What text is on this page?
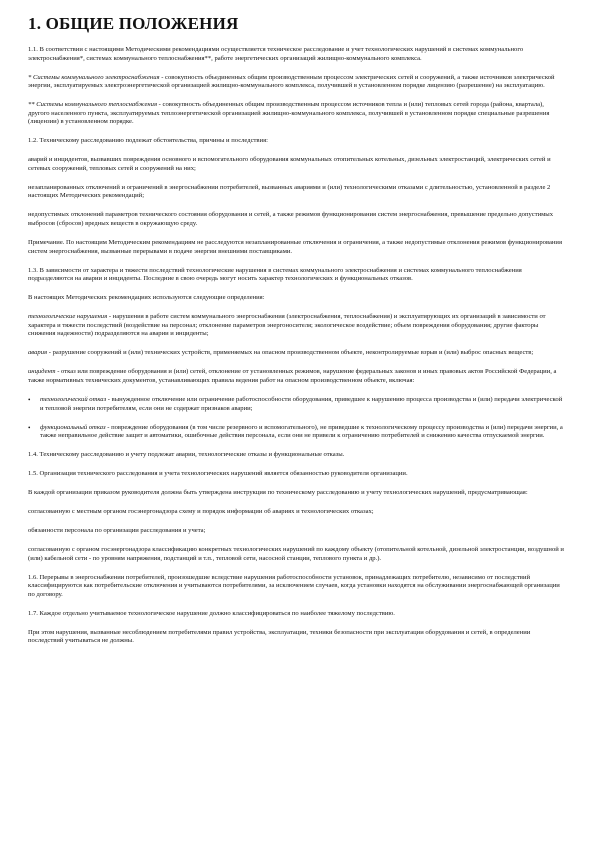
1. ОБЩИЕ ПОЛОЖЕНИЯ

1.1. В соответствии с настоящими Методическими рекомендациями осуществляется техническое расследование и учет технологических нарушений в системах коммунального электроснабжения*, системах коммунального теплоснабжения**, работе энергетических организаций жилищно-коммунального комплекса.

* Системы коммунального электроснабжения - совокупность объединенных общим производственным процессом электрических сетей и сооружений, а также источников электрической энергии, эксплуатируемых электроэнергетической организацией жилищно-коммунального комплекса, получившей в установленном порядке лицензию (разрешение) на эксплуатацию.

** Системы коммунального теплоснабжения - совокупность объединенных общим производственным процессом источников тепла и (или) тепловых сетей города (района, квартала), другого населенного пункта, эксплуатируемых теплоэнергетической организацией жилищно-коммунального комплекса, получившей в установленном порядке специальные разрешения (лицензии) в установленном порядке.

1.2. Техническому расследованию подлежат обстоятельства, причины и последствия:

аварий и инцидентов, вызвавших повреждения основного и вспомогательного оборудования коммунальных отопительных котельных, дизельных электростанций, электрических сетей и сетевых сооружений, тепловых сетей и сооружений на них;

незапланированных отключений и ограничений в энергоснабжении потребителей, вызванных авариями и (или) технологическими отказами с длительностью, установленной в разделе 2 настоящих Методических рекомендаций;

недопустимых отклонений параметров технического состояния оборудования и сетей, а также режимов функционирования систем энергоснабжения, превышение предельно допустимых выбросов (сбросов) вредных веществ в окружающую среду.

Примечание. По настоящим Методическим рекомендациям не расследуются незапланированные отключения и ограничения, а также недопустимые отклонения режимов функционирования систем энергоснабжения, вызванные перерывами в подаче энергии внешними поставщиками.

1.3. В зависимости от характера и тяжести последствий технологические нарушения в системах коммунального электроснабжения и системах коммунального теплоснабжения подразделяются на аварии и инциденты. Последние в свою очередь могут носить характер технологических и функциональных отказов.

В настоящих Методических рекомендациях используются следующие определения:

технологические нарушения - нарушения в работе систем коммунального энергоснабжения (электроснабжения, теплоснабжения) и эксплуатирующих их организаций в зависимости от характера и тяжести последствий (воздействие на персонал; отклонение параметров энергоносителя; экологическое воздействие; объем повреждения оборудования; другие факторы снижения надежности) подразделяются на аварии и инциденты;

авария - разрушение сооружений и (или) технических устройств, применяемых на опасном производственном объекте, неконтролируемые взрыв и (или) выброс опасных веществ;

инцидент - отказ или повреждение оборудования и (или) сетей, отклонение от установленных режимов, нарушение федеральных законов и иных правовых актов Российской Федерации, а также нормативных технических документов, устанавливающих правила ведения работ на опасном производственном объекте, включая:

•	технологический отказ - вынужденное отключение или ограничение работоспособности оборудования, приведшее к нарушению процесса производства и (или) передачи электрической и тепловой энергии потребителям, если они не содержат признаков аварии;
•	функциональный отказ - повреждение оборудования (в том числе резервного и вспомогательного), не приведшие к технологическому процессу производства и (или) передачи энергии, а также неправильное действие защит и автоматики, ошибочные действия персонала, если они не привели к ограничению потребителей и снижению качества отпускаемой энергии.

1.4. Техническому расследованию и учету подлежат аварии, технологические отказы и функциональные отказы.

1.5. Организация технического расследования и учета технологических нарушений является обязанностью руководителя организации.

В каждой организации приказом руководителя должна быть утверждена инструкция по техническому расследованию и учету технологических нарушений, предусматривающая:

согласованную с местным органом госэнергонадзора схему и порядок информации об авариях и технологических отказах;

обязанности персонала по организации расследования и учета;

согласованную с органом госэнергонадзора классификацию конкретных технологических нарушений по каждому объекту (отопительной котельной, дизельной электростанции, воздушной и (или) кабельной сети - по уровням напряжения, подстанций и т.п., тепловой сети, насосной станции, теплового пункта и др.).

1.6. Перерывы в энергоснабжении потребителей, произошедшие вследствие нарушения работоспособности установок, принадлежащих потребителю, независимо от последствий классифицируются как потребительские отключения и учитываются потребителями, за исключением случаев, когда установки находятся на обслуживании энергоснабжающей организации по договору.

1.7. Каждое отдельно учитываемое технологическое нарушение должно классифицироваться по наиболее тяжелому последствию.

При этом нарушения, вызванные несоблюдением потребителями правил устройства, эксплуатации, техники безопасности при эксплуатации оборудования и сетей, в определении последствий учитываться не должны.
